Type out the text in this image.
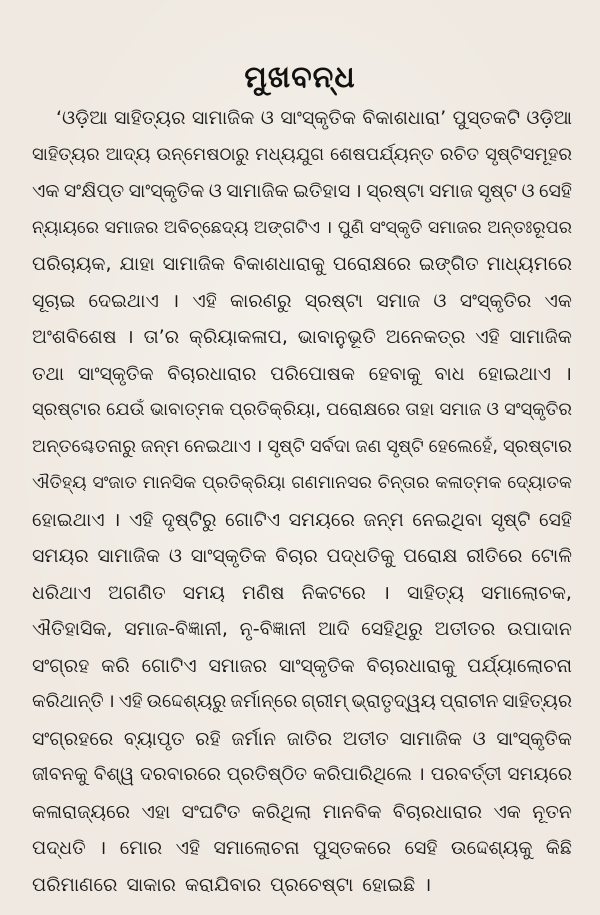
ମୁଖବନ୍ଧ
‘ଓଡ଼ିଆ ସାହିତ୍ୟର ସାମାଜିକ ଓ ସାଂସ୍କୃତିକ ବିକାଶଧାରା’ ପୁସ୍ତକଟି ଓଡ଼ିଆ
ସାହିତ୍ୟର ଆଦ୍ୟ ଉନ୍ମେଷଠାରୁ ମଧ୍ୟଯୁଗ ଶେଷପର୍ଯ୍ୟନ୍ତ ରଚିତ ସୃଷ୍ଟିସମୂହର
ଏକ ସଂକ୍ଷିପ୍ତ ସାଂସ୍କୃତିକ ଓ ସାମାଜିକ ଇତିହାସ । ସ୍ରଷ୍ଟା ସମାଜ ସୃଷ୍ଟ ଓ ସେହି
ନ୍ୟାୟରେ ସମାଜର ଅବିଚ୍ଛେଦ୍ୟ ଅଙ୍ଗଟିଏ । ପୁଣି ସଂସ୍କୃତି ସମାଜର ଅନ୍ତଃରୂପର
ପରିଚାୟକ, ଯାହା ସାମାଜିକ ବିକାଶଧାରାକୁ ପରୋକ୍ଷରେ ଇଙ୍ଗିତ ମାଧ୍ୟମରେ
ସୂଚାଇ ଦେଇଥାଏ । ଏହି କାରଣରୁ ସ୍ରଷ୍ଟା ସମାଜ ଓ ସଂସ୍କୃତିର ଏକ
ଅଂଶବିଶେଷ । ତା’ର କ୍ରିୟାକଳାପ, ଭାବାନୁଭୂତି ଅନେକତ୍ର ଏହି ସାମାଜିକ
ତଥା ସାଂସ୍କୃତିକ ବିଚାରଧାରାର ପରିପୋଷକ ହେବାକୁ ବାଧ ହୋଇଥାଏ ।
ସ୍ରଷ୍ଟାର ଯେଉଁ ଭାବାତ୍ମକ ପ୍ରତିକ୍ରିୟା, ପରୋକ୍ଷରେ ତାହା ସମାଜ ଓ ସଂସ୍କୃତିର
ଅନ୍ତଶ୍ଚେତନାରୁ ଜନ୍ମ ନେଇଥାଏ । ସୃଷ୍ଟି ସର୍ବଦା ଜଣ ସୃଷ୍ଟି ହେଲେହେଁ, ସ୍ରଷ୍ଟାର
ଐତିହ୍ୟ ସଂଜାତ ମାନସିକ ପ୍ରତିକ୍ରିୟା ଗଣମାନସର ଚିନ୍ତାର କଳାତ୍ମକ ଦ୍ୟୋତକ
ହୋଇଥାଏ । ଏହି ଦୃଷ୍ଟିରୁ ଗୋଟିଏ ସମୟରେ ଜନ୍ମ ନେଇଥିବା ସୃଷ୍ଟି ସେହି
ସମୟର ସାମାଜିକ ଓ ସାଂସ୍କୃତିକ ବିଚାର ପଦ୍ଧତିକୁ ପରୋକ୍ଷ ରୀତିରେ ଟୋଳି
ଧରିଥାଏ ଅଗଣିତ ସମୟ ମଣିଷ ନିକଟରେ । ସାହିତ୍ୟ ସମାଲୋଚକ,
ଐତିହାସିକ, ସମାଜ-ବିଜ୍ଞାନୀ, ନୃ-ବିଜ୍ଞାନୀ ଆଦି ସେହିଥିରୁ ଅତୀତର ଉପାଦାନ
ସଂଗ୍ରହ କରି ଗୋଟିଏ ସମାଜର ସାଂସ୍କୃତିକ ବିଚାରଧାରାକୁ ପର୍ଯ୍ୟାଲୋଚନା
କରିଥାନ୍ତି । ଏହି ଉଦ୍ଦେଶ୍ୟରୁ ଜର୍ମାନ୍‌ରେ ଗ୍ରୀମ୍ ଭ୍ରାତୃଦ୍ୱୟ ପ୍ରାଚୀନ ସାହିତ୍ୟର
ସଂଗ୍ରହରେ ବ୍ୟାପୃତ ରହି ଜର୍ମାନ ଜାତିର ଅତୀତ ସାମାଜିକ ଓ ସାଂସ୍କୃତିକ
ଜୀବନକୁ ବିଶ୍ୱ ଦରବାରରେ ପ୍ରତିଷ୍ଠିତ କରିପାରିଥିଲେ । ପରବର୍ତ୍ତୀ ସମୟରେ
କଳାରାଜ୍ୟରେ ଏହା ସଂଘଟିତ କରିଥିଲା ମାନବିକ ବିଚାରଧାରାର ଏକ ନୂତନ
ପଦ୍ଧତି । ମୋର ଏହି ସମାଲୋଚନା ପୁସ୍ତକରେ ସେହି ଉଦ୍ଦେଶ୍ୟକୁ କିଛି
ପରିମାଣରେ ସାକାର କରାଯିବାର ପ୍ରଚେଷ୍ଟା ହୋଇଛି ।
